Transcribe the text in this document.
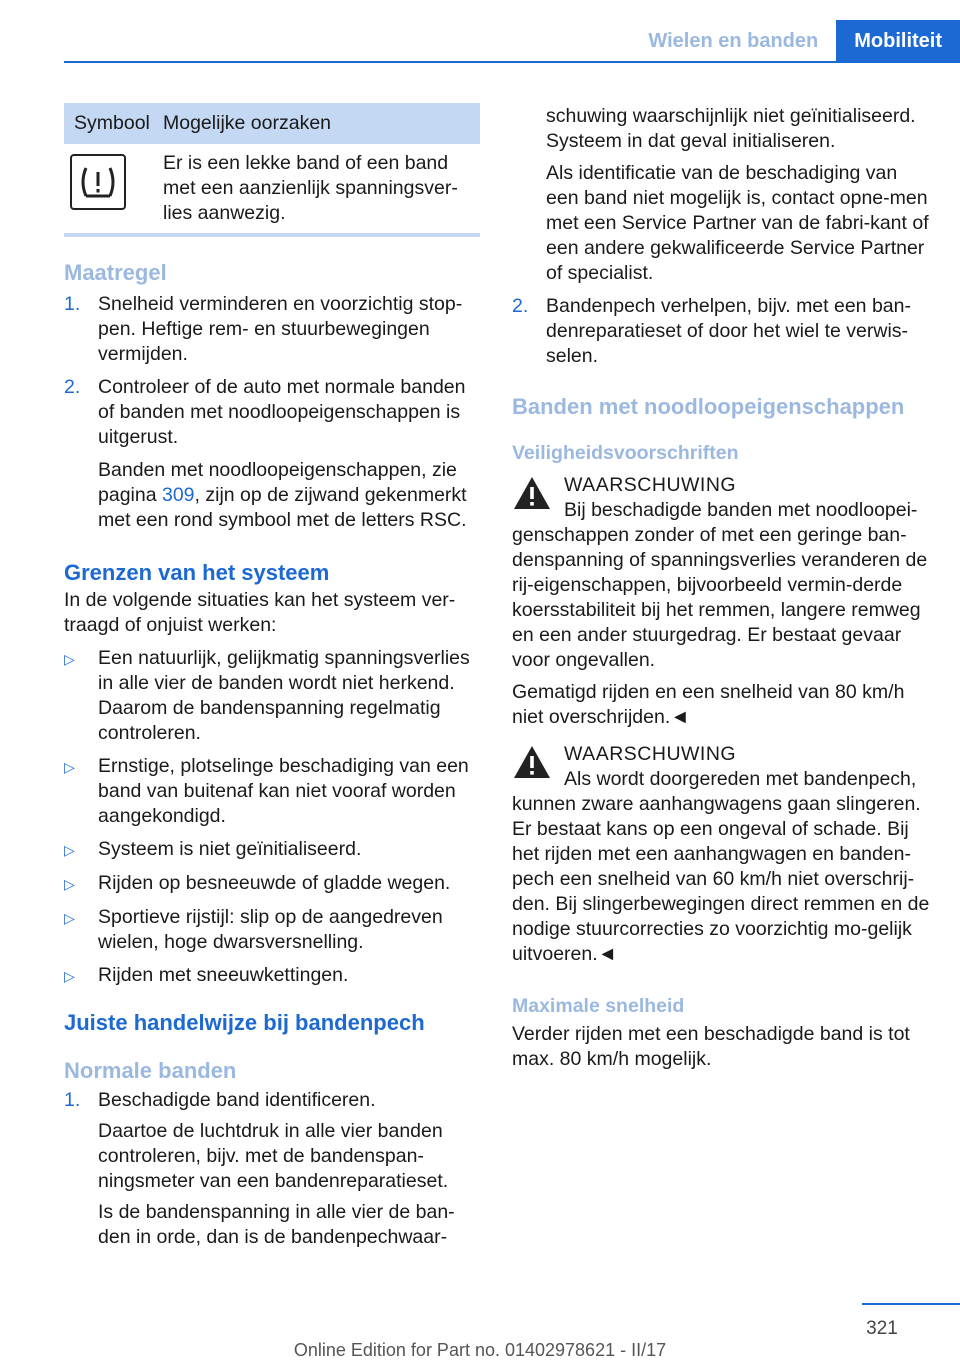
Wielen en banden	Mobiliteit
Symbool	Mogelijke oorzaken

	Er is een lekke band of een band met een aanzienlijk spanningsver-lies aanwezig.
Maatregel
1. Snelheid verminderen en voorzichtig stop-pen. Heftige rem- en stuurbewegingen vermijden.
2. Controleer of de auto met normale banden of banden met noodloopeigenschappen is uitgerust.

Banden met noodloopeigenschappen, zie pagina 309, zijn op de zijwand gekenmerkt met een rond symbool met de letters RSC.

Grenzen van het systeem

In de volgende situaties kan het systeem ver-traagd of onjuist werken:

▷	Een natuurlijk, gelijkmatig spanningsverlies in alle vier de banden wordt niet herkend. Daarom de bandenspanning regelmatig controleren.
▷	Ernstige, plotselinge beschadiging van een band van buitenaf kan niet vooraf worden aangekondigd.
▷	Systeem is niet geïnitialiseerd.
▷	Rijden op besneeuwde of gladde wegen.
▷	Sportieve rijstijl: slip op de aangedreven wielen, hoge dwarsversnelling.
▷	Rijden met sneeuwkettingen.
Juiste handelwijze bij bandenpech
Normale banden
1. Beschadigde band identificeren.

Daartoe de luchtdruk in alle vier banden controleren, bijv. met de bandenspan-ningsmeter van een bandenreparatieset.

Is de bandenspanning in alle vier de ban-den in orde, dan is de bandenpechwaar-

schuwing waarschijnlijk niet geïnitialiseerd. Systeem in dat geval initialiseren.

Als identificatie van de beschadiging van een band niet mogelijk is, contact opne-men met een Service Partner van de fabri-kant of een andere gekwalificeerde Service Partner of specialist.

2. Bandenpech verhelpen, bijv. met een ban-denreparatieset of door het wiel te verwis-selen.
Banden met noodloopeigenschappen
Veiligheidsvoorschriften
WAARSCHUWING

Bij beschadigde banden met noodloopei-genschappen zonder of met een geringe ban-denspanning of spanningsverlies veranderen de rij-eigenschappen, bijvoorbeeld vermin-derde koersstabiliteit bij het remmen, langere remweg en een ander stuurgedrag. Er bestaat gevaar voor ongevallen.

Gematigd rijden en een snelheid van 80 km/h niet overschrijden.◄

WAARSCHUWING

Als wordt doorgereden met bandenpech, kunnen zware aanhangwagens gaan slingeren. Er bestaat kans op een ongeval of schade. Bij het rijden met een aanhangwagen en banden-pech een snelheid van 60 km/h niet overschrij-den. Bij slingerbewegingen direct remmen en de nodige stuurcorrecties zo voorzichtig mo-gelijk uitvoeren.◄

Maximale snelheid

Verder rijden met een beschadigde band is tot max. 80 km/h mogelijk.

321
Online Edition for Part no. 01402978621 - II/17
